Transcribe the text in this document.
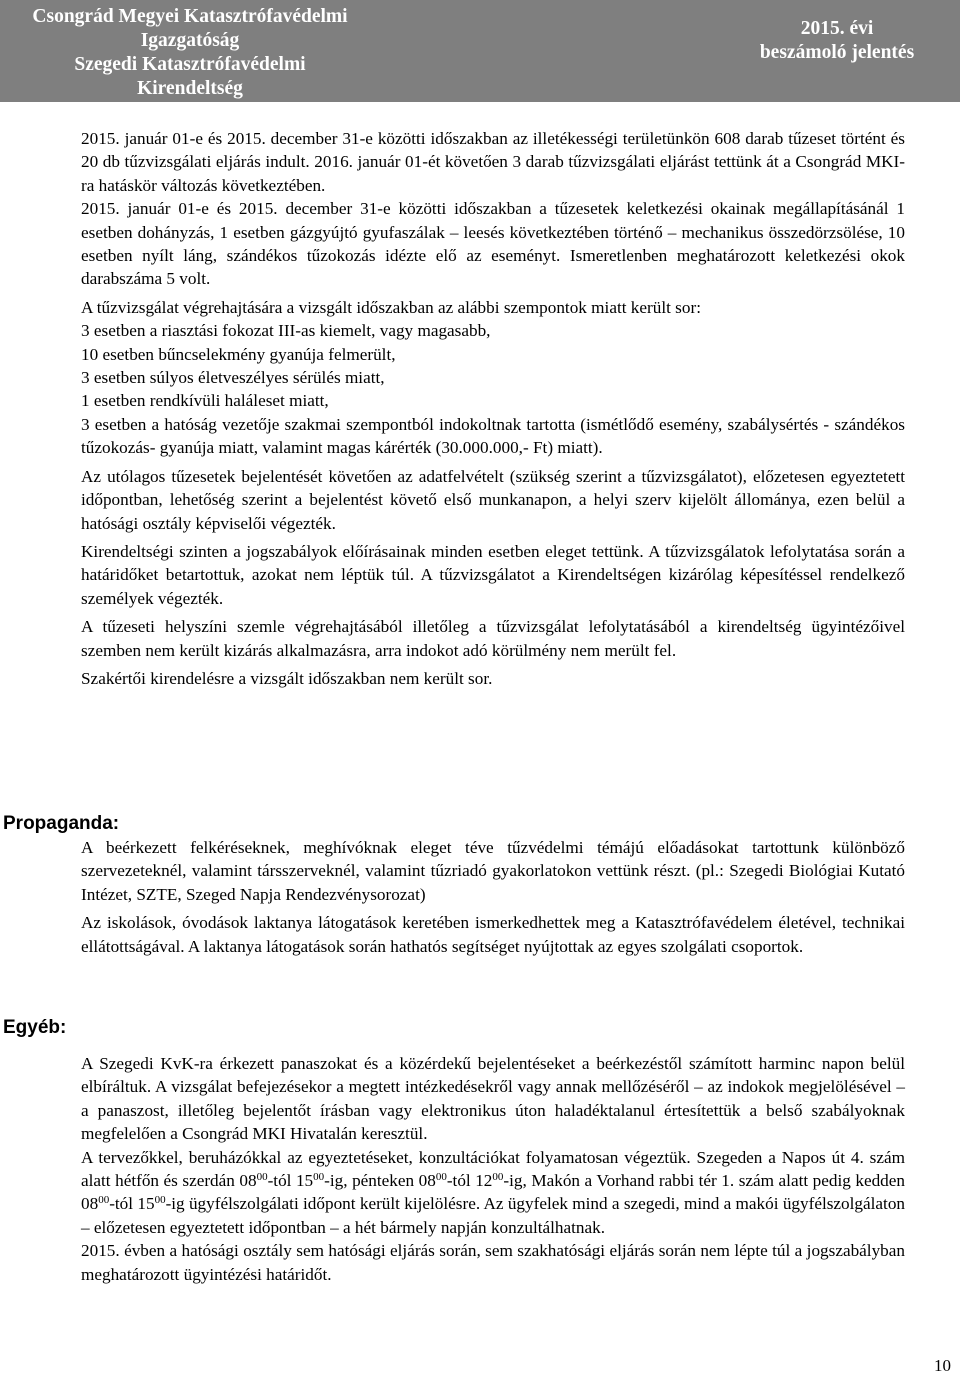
Csongrád Megyei Katasztrófavédelmi
Igazgatóság
Szegedi Katasztrófavédelmi
Kirendeltség
2015. évi
beszámoló jelentés

2015. január 01-e és 2015. december 31-e közötti időszakban az illetékességi területünkön 608 darab tűzeset történt és 20 db tűzvizsgálati eljárás indult. 2016. január 01-ét követően 3 darab tűzvizsgálati eljárást tettünk át a Csongrád MKI-ra hatáskör változás következtében.

2015. január 01-e és 2015. december 31-e közötti időszakban a tűzesetek keletkezési okainak megállapításánál 1 esetben dohányzás, 1 esetben gázgyújtó gyufaszálak – leesés következtében történő – mechanikus összedörzsölése, 10 esetben nyílt láng, szándékos tűzokozás idézte elő az eseményt. Ismeretlenben meghatározott keletkezési okok darabszáma 5 volt.

A tűzvizsgálat végrehajtására a vizsgált időszakban az alábbi szempontok miatt került sor:
3 esetben a riasztási fokozat III-as kiemelt, vagy magasabb,
10 esetben bűncselekmény gyanúja felmerült,
3 esetben súlyos életveszélyes sérülés miatt,
1 esetben rendkívüli haláleset miatt,
3 esetben a hatóság vezetője szakmai szempontból indokoltnak tartotta (ismétlődő esemény, szabálysértés - szándékos tűzokozás- gyanúja miatt, valamint magas kárérték (30.000.000,- Ft) miatt).

Az utólagos tűzesetek bejelentését követően az adatfelvételt (szükség szerint a tűzvizsgálatot), előzetesen egyeztetett időpontban, lehetőség szerint a bejelentést követő első munkanapon, a helyi szerv kijelölt állománya, ezen belül a hatósági osztály képviselői végezték.

Kirendeltségi szinten a jogszabályok előírásainak minden esetben eleget tettünk. A tűzvizsgálatok lefolytatása során a határidőket betartottuk, azokat nem léptük túl. A tűzvizsgálatot a Kirendeltségen kizárólag képesítéssel rendelkező személyek végezték.

A tűzeseti helyszíni szemle végrehajtásából illetőleg a tűzvizsgálat lefolytatásából a kirendeltség ügyintézőivel szemben nem került kizárás alkalmazásra, arra indokot adó körülmény nem merült fel.

Szakértői kirendelésre a vizsgált időszakban nem került sor.

Propaganda:

A beérkezett felkéréseknek, meghívóknak eleget téve tűzvédelmi témájú előadásokat tartottunk különböző szervezeteknél, valamint társszerveknél, valamint tűzriadó gyakorlatokon vettünk részt. (pl.: Szegedi Biológiai Kutató Intézet, SZTE, Szeged Napja Rendezvénysorozat)

Az iskolások, óvodások laktanya látogatások keretében ismerkedhettek meg a Katasztrófavédelem életével, technikai ellátottságával. A laktanya látogatások során hathatós segítséget nyújtottak az egyes szolgálati csoportok.

Egyéb:

A Szegedi KvK-ra érkezett panaszokat és a közérdekű bejelentéseket a beérkezéstől számított harminc napon belül elbíráltuk. A vizsgálat befejezésekor a megtett intézkedésekről vagy annak mellőzéséről – az indokok megjelölésével – a panaszost, illetőleg bejelentőt írásban vagy elektronikus úton haladéktalanul értesítettük a belső szabályoknak megfelelően a Csongrád MKI Hivatalán keresztül.

A tervezőkkel, beruházókkal az egyeztetéseket, konzultációkat folyamatosan végeztük. Szegeden a Napos út 4. szám alatt hétfőn és szerdán $08^{00}$-tól $15^{00}-ig$, pénteken $08^{00}$-tól $12^{00}-ig$, Makón a Vorhand rabbi tér 1. szám alatt pedig kedden $08^{00}$-tól $15^{00}-ig$ ügyfélszolgálati időpont került kijelölésre. Az ügyfelek mind a szegedi, mind a makói ügyfélszolgálaton – előzetesen egyeztetett időpontban – a hét bármely napján konzultálhatnak.

2015. évben a hatósági osztály sem hatósági eljárás során, sem szakhatósági eljárás során nem lépte túl a jogszabályban meghatározott ügyintézési határidőt.

10
